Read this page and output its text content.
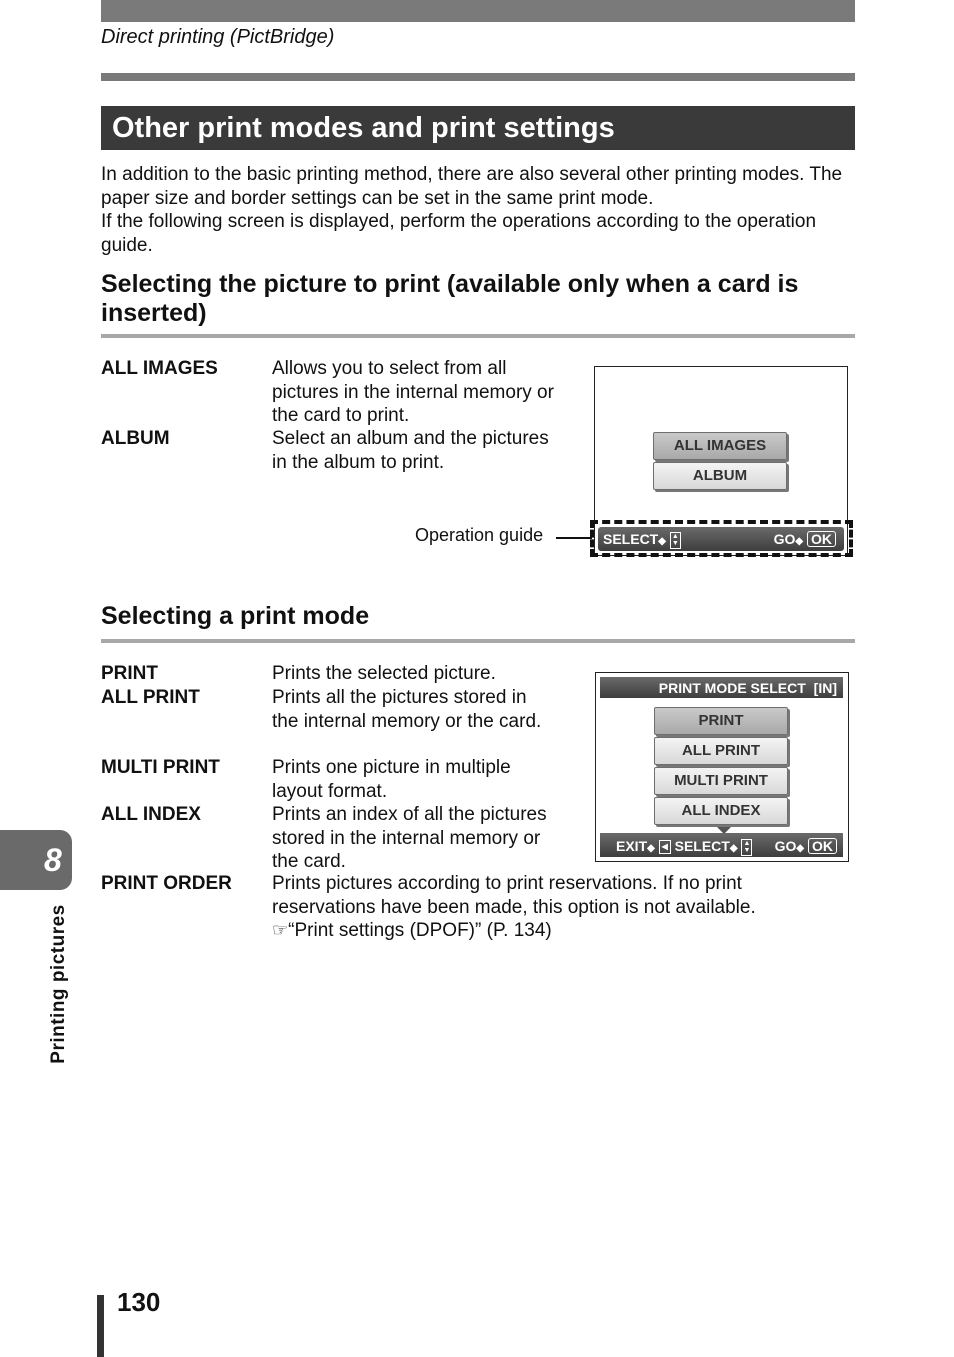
Direct printing (PictBridge)
Other print modes and print settings

In addition to the basic printing method, there are also several other printing modes. The paper size and border settings can be set in the same print mode.

If the following screen is displayed, perform the operations according to the operation guide.

Selecting the picture to print (available only when a card is inserted)
ALL IMAGES	Allows you to select from all pictures in the internal memory or the card to print.
ALBUM	Select an album and the pictures in the album to print.
ALL IMAGES
ALBUM
SELECT◆ ▲
▼	GO◆ OK
Operation guide
Selecting a print mode
PRINT	Prints the selected picture.
ALL PRINT	Prints all the pictures stored in the internal memory or the card.
MULTI PRINT	Prints one picture in multiple layout format.
ALL INDEX	Prints an index of all the pictures stored in the internal memory or the card.
PRINT ORDER Prints pictures according to print reservations. If no print reservations have been made, this option is not available.
☞“Print settings (DPOF)” (P. 134)
PRINT MODE SELECT [IN]
PRINT
ALL PRINT
MULTI PRINT
ALL INDEX
EXIT◆ ◀ SELECT◆ ▲
▼ GO◆ OK
8
Printing pictures
130
